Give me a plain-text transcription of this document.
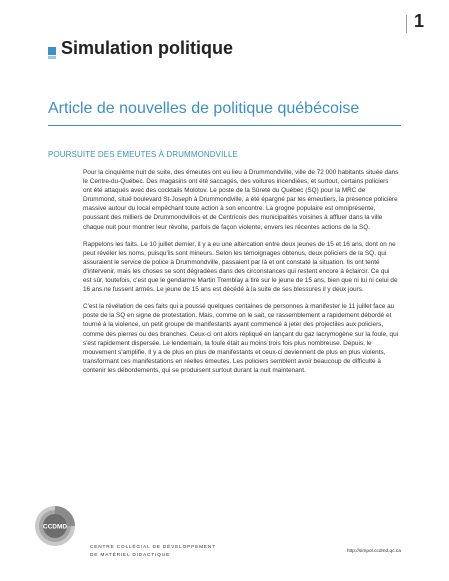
1
Simulation politique
Article de nouvelles de politique québécoise
POURSUITE DES ÉMEUTES À DRUMMONDVILLE

Pour la cinquième nuit de suite, des émeutes ont eu lieu à Drummondville, ville de 72 000 habitants située dans le Centre-du-Québec. Des magasins ont été saccagés, des voitures incendiées, et surtout, certains policiers ont été attaqués avec des cocktails Molotov. Le poste de la Sûreté du Québec (SQ) pour la MRC de Drummond, situé boulevard St-Joseph à Drummondville, a été épargné par les émeutiers, la présence policière massive autour du local empêchant toute action à son encontre. La grogne populaire est omniprésente, poussant des milliers de Drummondvillois et de Centricois des municipalités voisines à affluer dans la ville chaque nuit pour montrer leur révolte, parfois de façon violente, envers les récentes actions de la SQ.

Rappelons les faits. Le 10 juillet dernier, il y a eu une altercation entre deux jeunes de 15 et 16 ans, dont on ne peut révéler les noms, puisqu'ils sont mineurs. Selon les témoignages obtenus, deux policiers de la SQ, qui assuraient le service de police à Drummondville, passaient par là et ont constaté la situation. Ils ont tenté d'intervenir, mais les choses se sont dégradées dans des circonstances qui restent encore à éclaircir. Ce qui est sûr, toutefois, c'est que le gendarme Martin Tremblay a tiré sur le jeune de 15 ans, bien que ni lui ni celui de 16 ans ne fussent armés. Le jeune de 15 ans est décédé à la suite de ses blessures il y deux jours.

C'est la révélation de ces faits qui a poussé quelques centaines de personnes à manifester le 11 juillet face au poste de la SQ en signe de protestation. Mais, comme on le sait, ce rassemblement a rapidement débordé et tourné à la violence, un petit groupe de manifestants ayant commencé à jeter des projectiles aux policiers, comme des pierres ou des branches. Ceux-ci ont alors répliqué en lançant du gaz lacrymogène sur la foule, qui s'est rapidement dispersée. Le lendemain, la foule était au moins trois fois plus nombreuse. Depuis, le mouvement s'amplifie. Il y a de plus en plus de manifestants et ceux-ci deviennent de plus en plus violents, transformant ces manifestations en réelles émeutes. Les policiers semblent avoir beaucoup de difficulté à contenir les débordements, qui se produisent surtout durant la nuit maintenant.

CCDMD
CENTRE COLLÉGIAL DE DÉVELOPPEMENT
DE MATÉRIEL DIDACTIQUE
http://simpol.ccdmd.qc.ca
